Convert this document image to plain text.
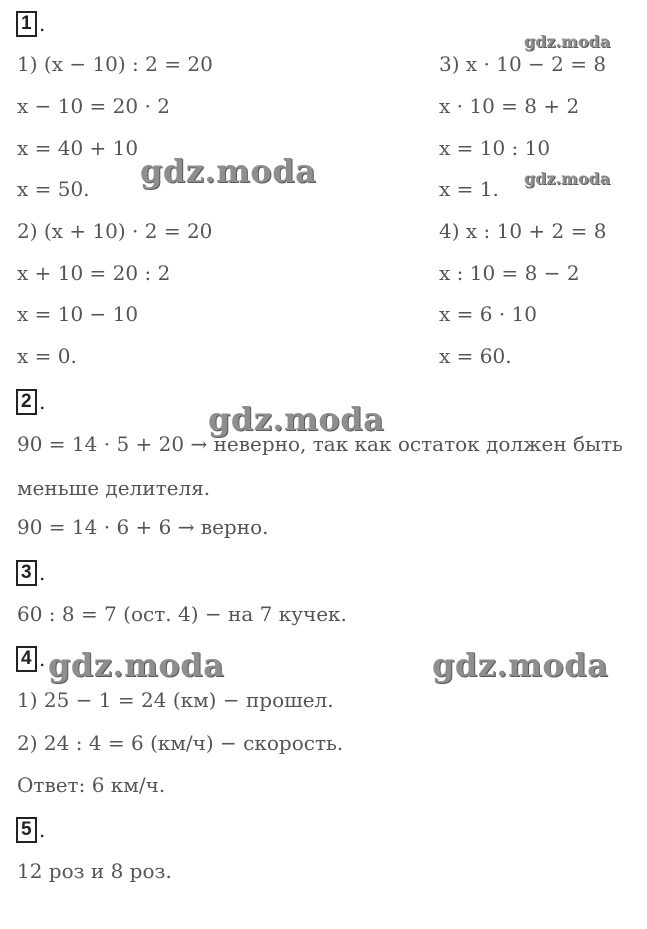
1 .
1) (x − 10) : 2 = 20
x − 10 = 20 · 2
x = 40 + 10
x = 50.
2) (x + 10) · 2 = 20
x + 10 = 20 : 2
x = 10 − 10
x = 0.
3) x · 10 − 2 = 8
x · 10 = 8 + 2
x = 10 : 10
x = 1.
4) x : 10 + 2 = 8
x : 10 = 8 − 2
x = 6 · 10
x = 60.
2 .
90 = 14 · 5 + 20 → неверно, так как остаток должен быть
меньше делителя.
90 = 14 · 6 + 6 → верно.
3 .
60 : 8 = 7 (ост. 4) − на 7 кучек.
4 .
1) 25 − 1 = 24 (км) − прошел.
2) 24 : 4 = 6 (км/ч) − скорость.
Ответ: 6 км/ч.
5 .
12 роз и 8 роз.
gdz.moda
gdz.moda
gdz.moda
gdz.moda
gdz.moda	gdz.moda
